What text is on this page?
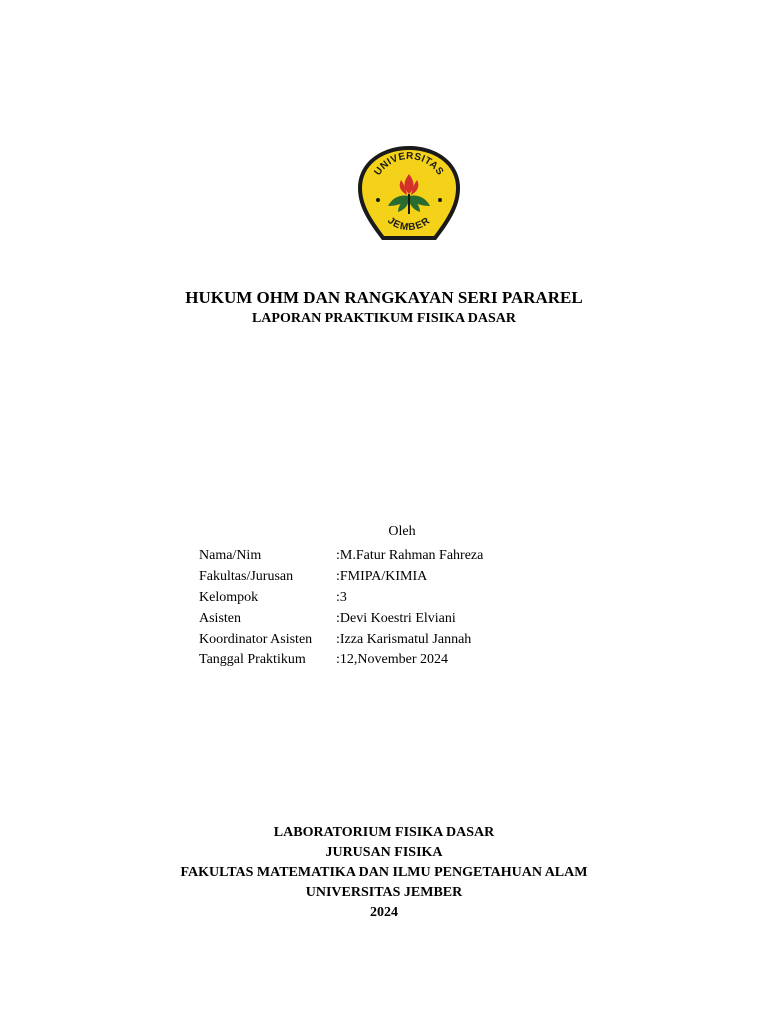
UNIVERSITAS
JEMBER
HUKUM OHM DAN RANGKAYAN SERI PARAREL
LAPORAN PRAKTIKUM FISIKA DASAR
Oleh
Nama/Nim	:M.Fatur Rahman Fahreza
Fakultas/Jurusan	:FMIPA/KIMIA
Kelompok	:3
Asisten	:Devi Koestri Elviani
Koordinator Asisten	:Izza Karismatul Jannah
Tanggal Praktikum	:12,November 2024
LABORATORIUM FISIKA DASAR
JURUSAN FISIKA
FAKULTAS MATEMATIKA DAN ILMU PENGETAHUAN ALAM
UNIVERSITAS JEMBER
2024
